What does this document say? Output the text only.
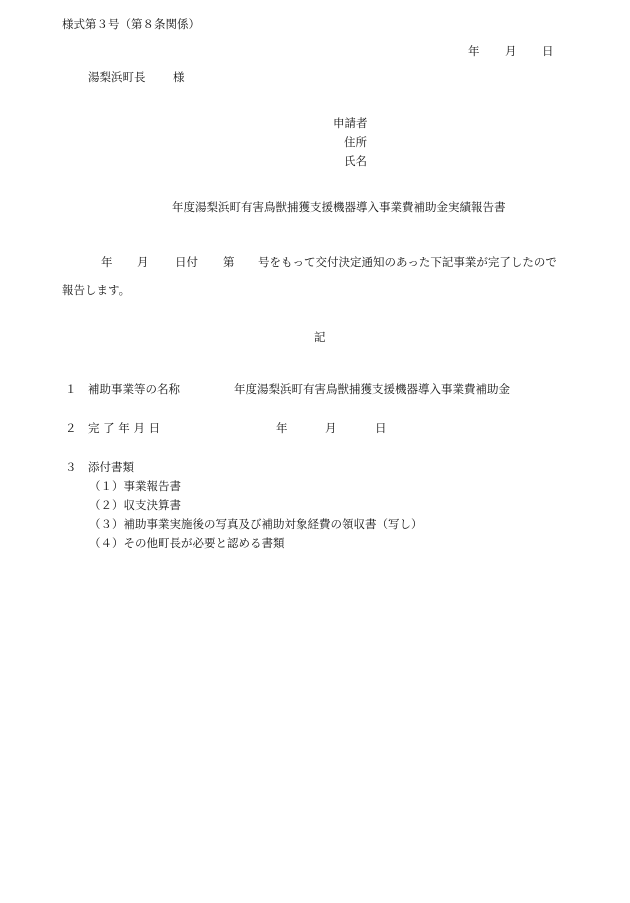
様式第３号（第８条関係）
年 月 日
湯梨浜町長 様
申請者
住所
氏名
年度湯梨浜町有害鳥獣捕獲支援機器導入事業費補助金実績報告書
年 月 日付 第 号をもって交付決定通知のあった下記事業が完了したので
報告します。
記
１ 補助事業等の名称	年度湯梨浜町有害鳥獣捕獲支援機器導入事業費補助金
２ 完 了 年 月 日	年	月	日
３ 添付書類
（１）事業報告書
（２）収支決算書
（３）補助事業実施後の写真及び補助対象経費の領収書（写し）
（４）その他町長が必要と認める書類
